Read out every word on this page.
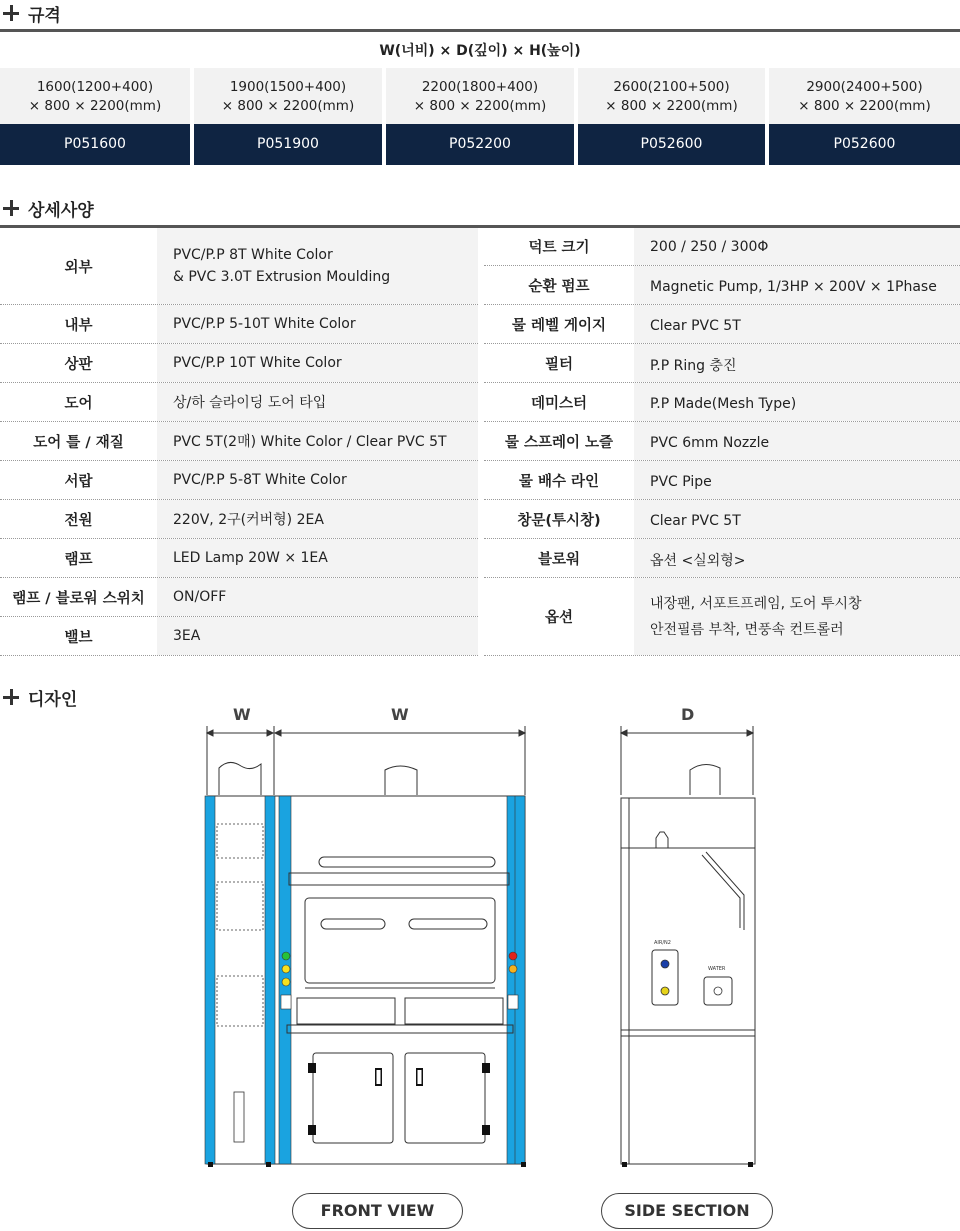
규격
W(너비) × D(깊이) × H(높이)
1600(1200+400)
× 800 × 2200(mm)
P051600
1900(1500+400)
× 800 × 2200(mm)
P051900
2200(1800+400)
× 800 × 2200(mm)
P052200
2600(2100+500)
× 800 × 2200(mm)
P052600
2900(2400+500)
× 800 × 2200(mm)
P052600
상세사양
외부
PVC/P.P 8T White Color
& PVC 3.0T Extrusion Moulding
내부	PVC/P.P 5-10T White Color
상판	PVC/P.P 10T White Color
도어	상/하 슬라이딩 도어 타입
도어 틀 / 재질	PVC 5T(2매) White Color / Clear PVC 5T
서랍	PVC/P.P 5-8T White Color
전원	220V, 2구(커버형) 2EA
램프	LED Lamp 20W × 1EA
램프 / 블로워 스위치	ON/OFF
밸브	3EA
덕트 크기	200 / 250 / 300Φ
순환 펌프	Magnetic Pump, 1/3HP × 200V × 1Phase
물 레벨 게이지	Clear PVC 5T
필터	P.P Ring 충진
데미스터	P.P Made(Mesh Type)
물 스프레이 노즐	PVC 6mm Nozzle
물 배수 라인	PVC Pipe
창문(투시창)	Clear PVC 5T
블로워	옵션 <실외형>
옵션
내장팬, 서포트프레임, 도어 투시창
안전필름 부착, 면풍속 컨트롤러
디자인
W	W	D
AIR/N2
WATER
FRONT VIEW	SIDE SECTION
